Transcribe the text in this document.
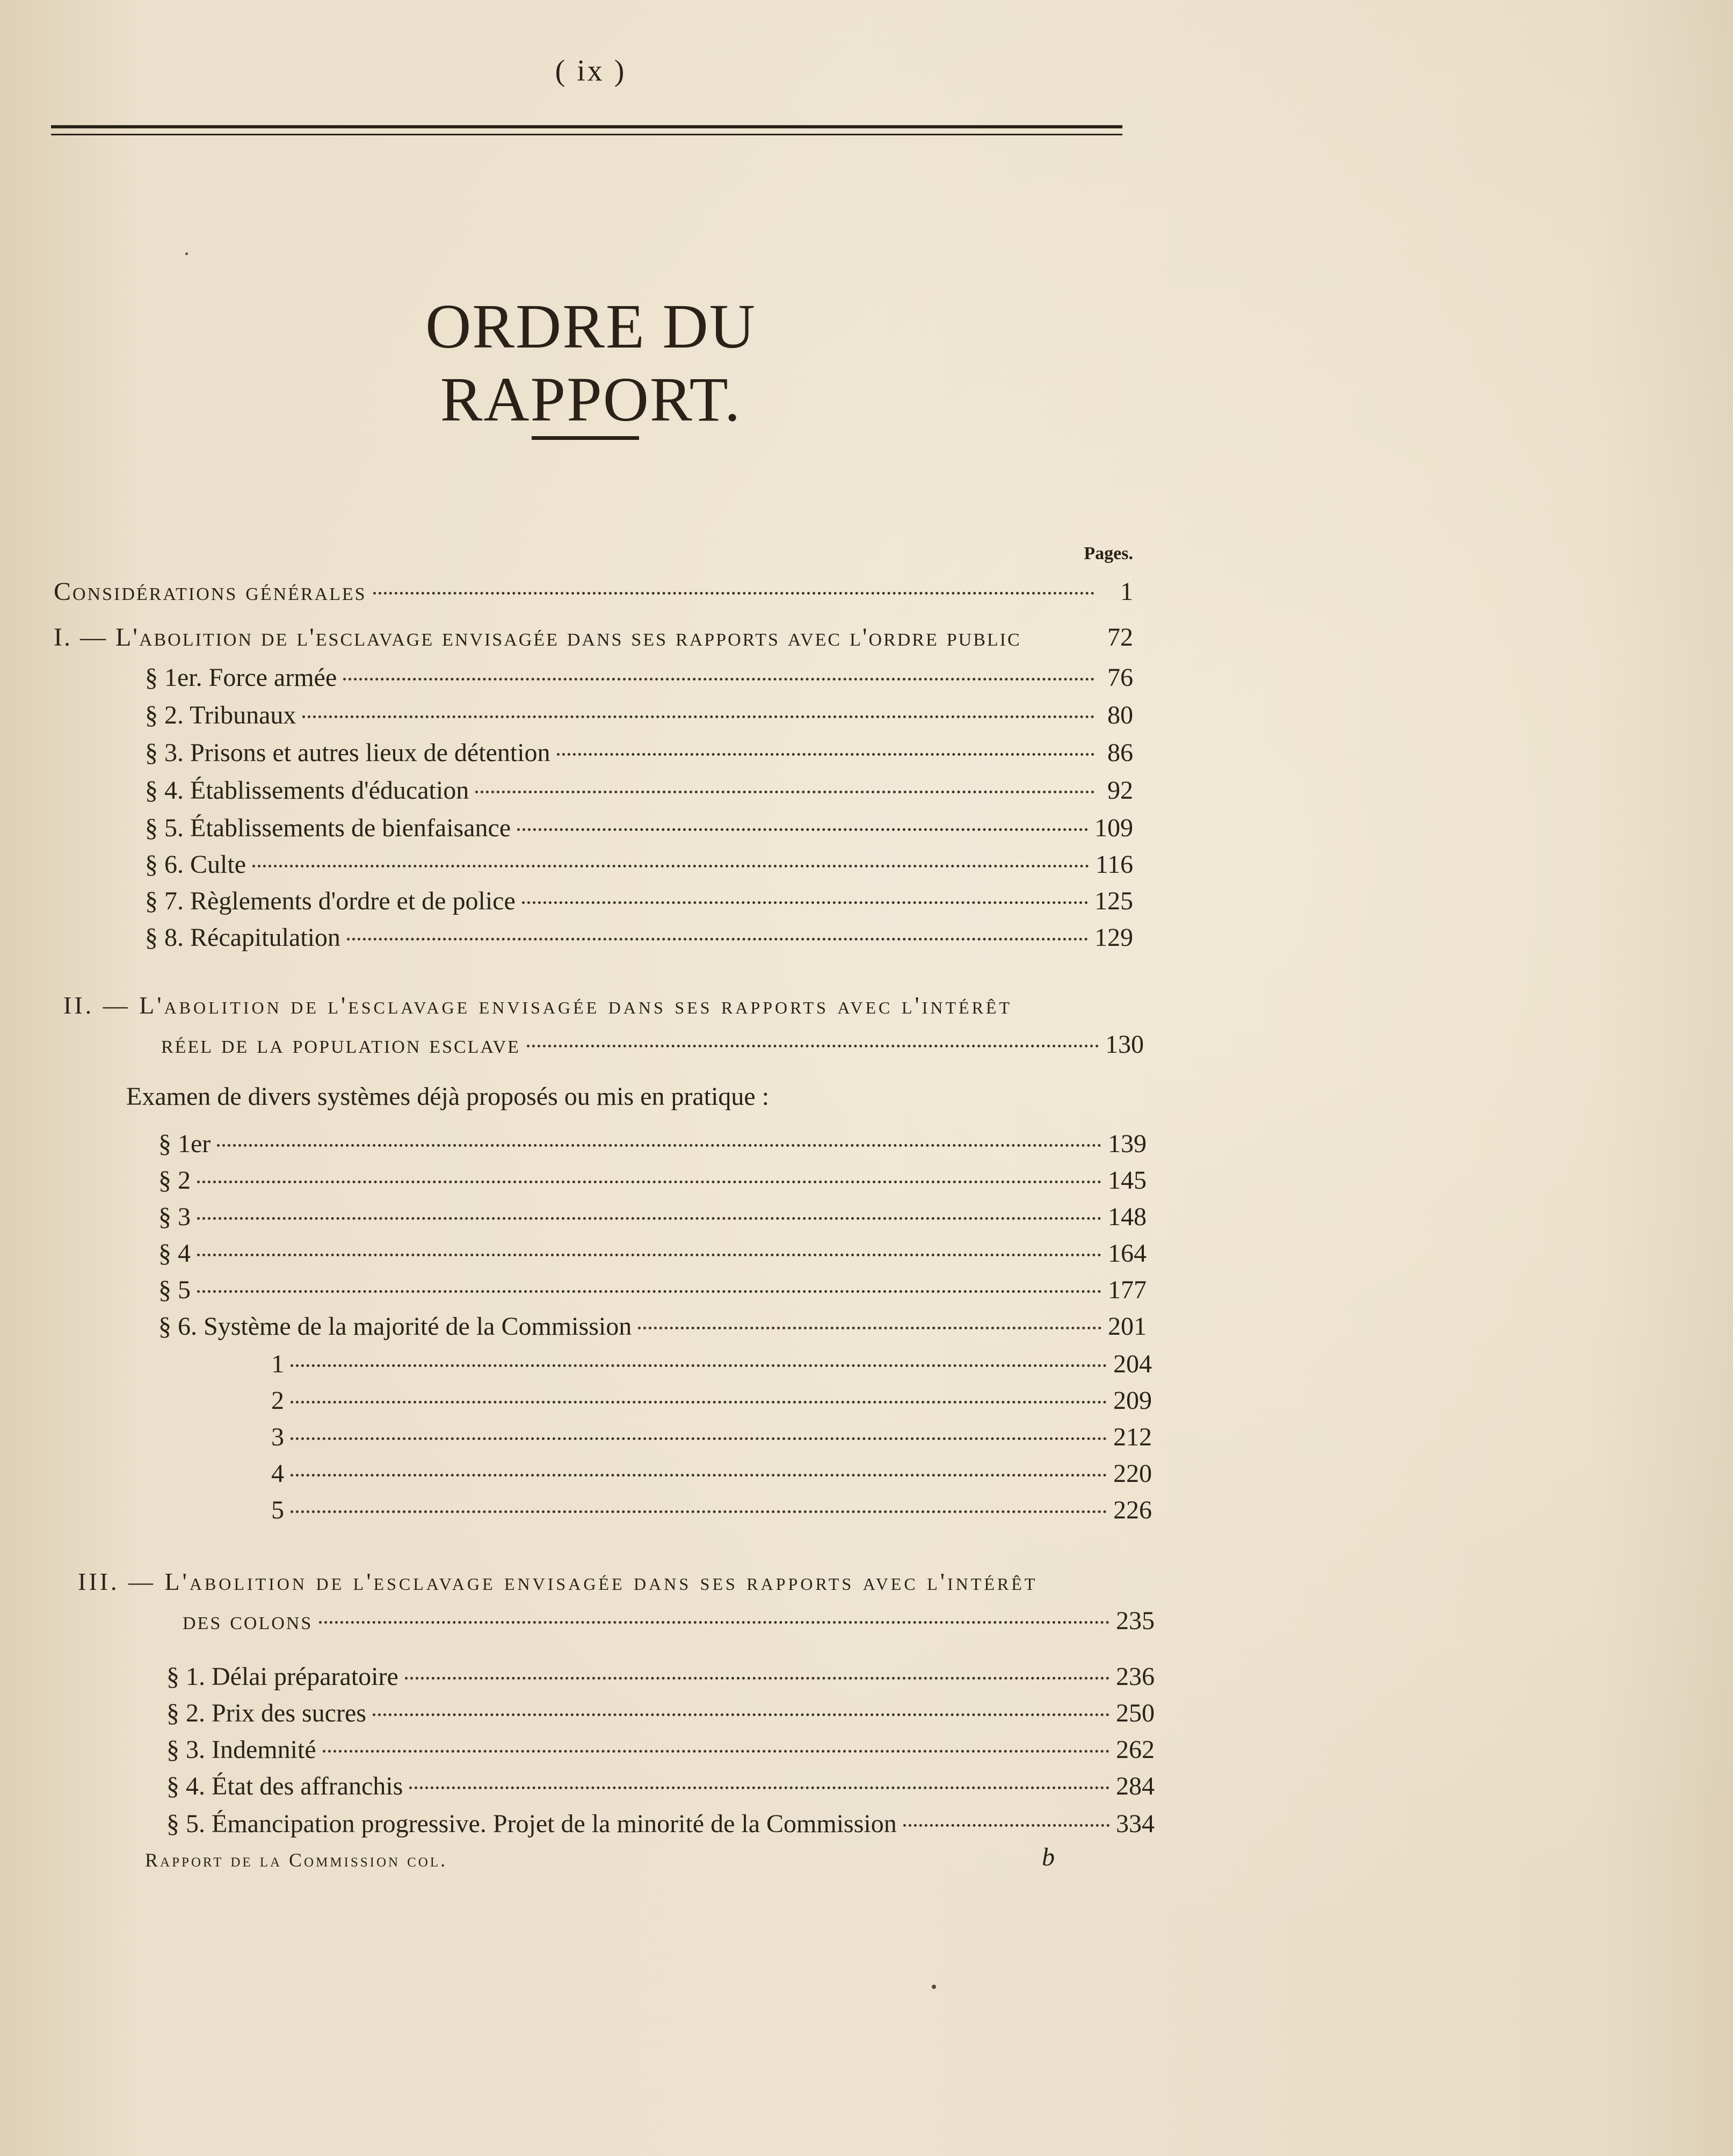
( ix )
ORDRE DU RAPPORT.
Pages.
Considérations générales	1
I. — L'abolition de l'esclavage envisagée dans ses rapports avec l'ordre public	72
§ 1er. Force armée	76
§ 2. Tribunaux	80
§ 3. Prisons et autres lieux de détention	86
§ 4. Établissements d'éducation	92
§ 5. Établissements de bienfaisance	109
§ 6. Culte	116
§ 7. Règlements d'ordre et de police	125
§ 8. Récapitulation	129
II. — L'abolition de l'esclavage envisagée dans ses rapports avec l'intérêt
réel de la population esclave	130
Examen de divers systèmes déjà proposés ou mis en pratique :
§ 1er	139
§ 2	145
§ 3	148
§ 4	164
§ 5	177
§ 6. Système de la majorité de la Commission	201
1	204
2	209
3	212
4	220
5	226
III. — L'abolition de l'esclavage envisagée dans ses rapports avec l'intérêt
des colons	235
§ 1. Délai préparatoire	236
§ 2. Prix des sucres	250
§ 3. Indemnité	262
§ 4. État des affranchis	284
§ 5. Émancipation progressive. Projet de la minorité de la Commission	334
Rapport de la Commission col.	b
